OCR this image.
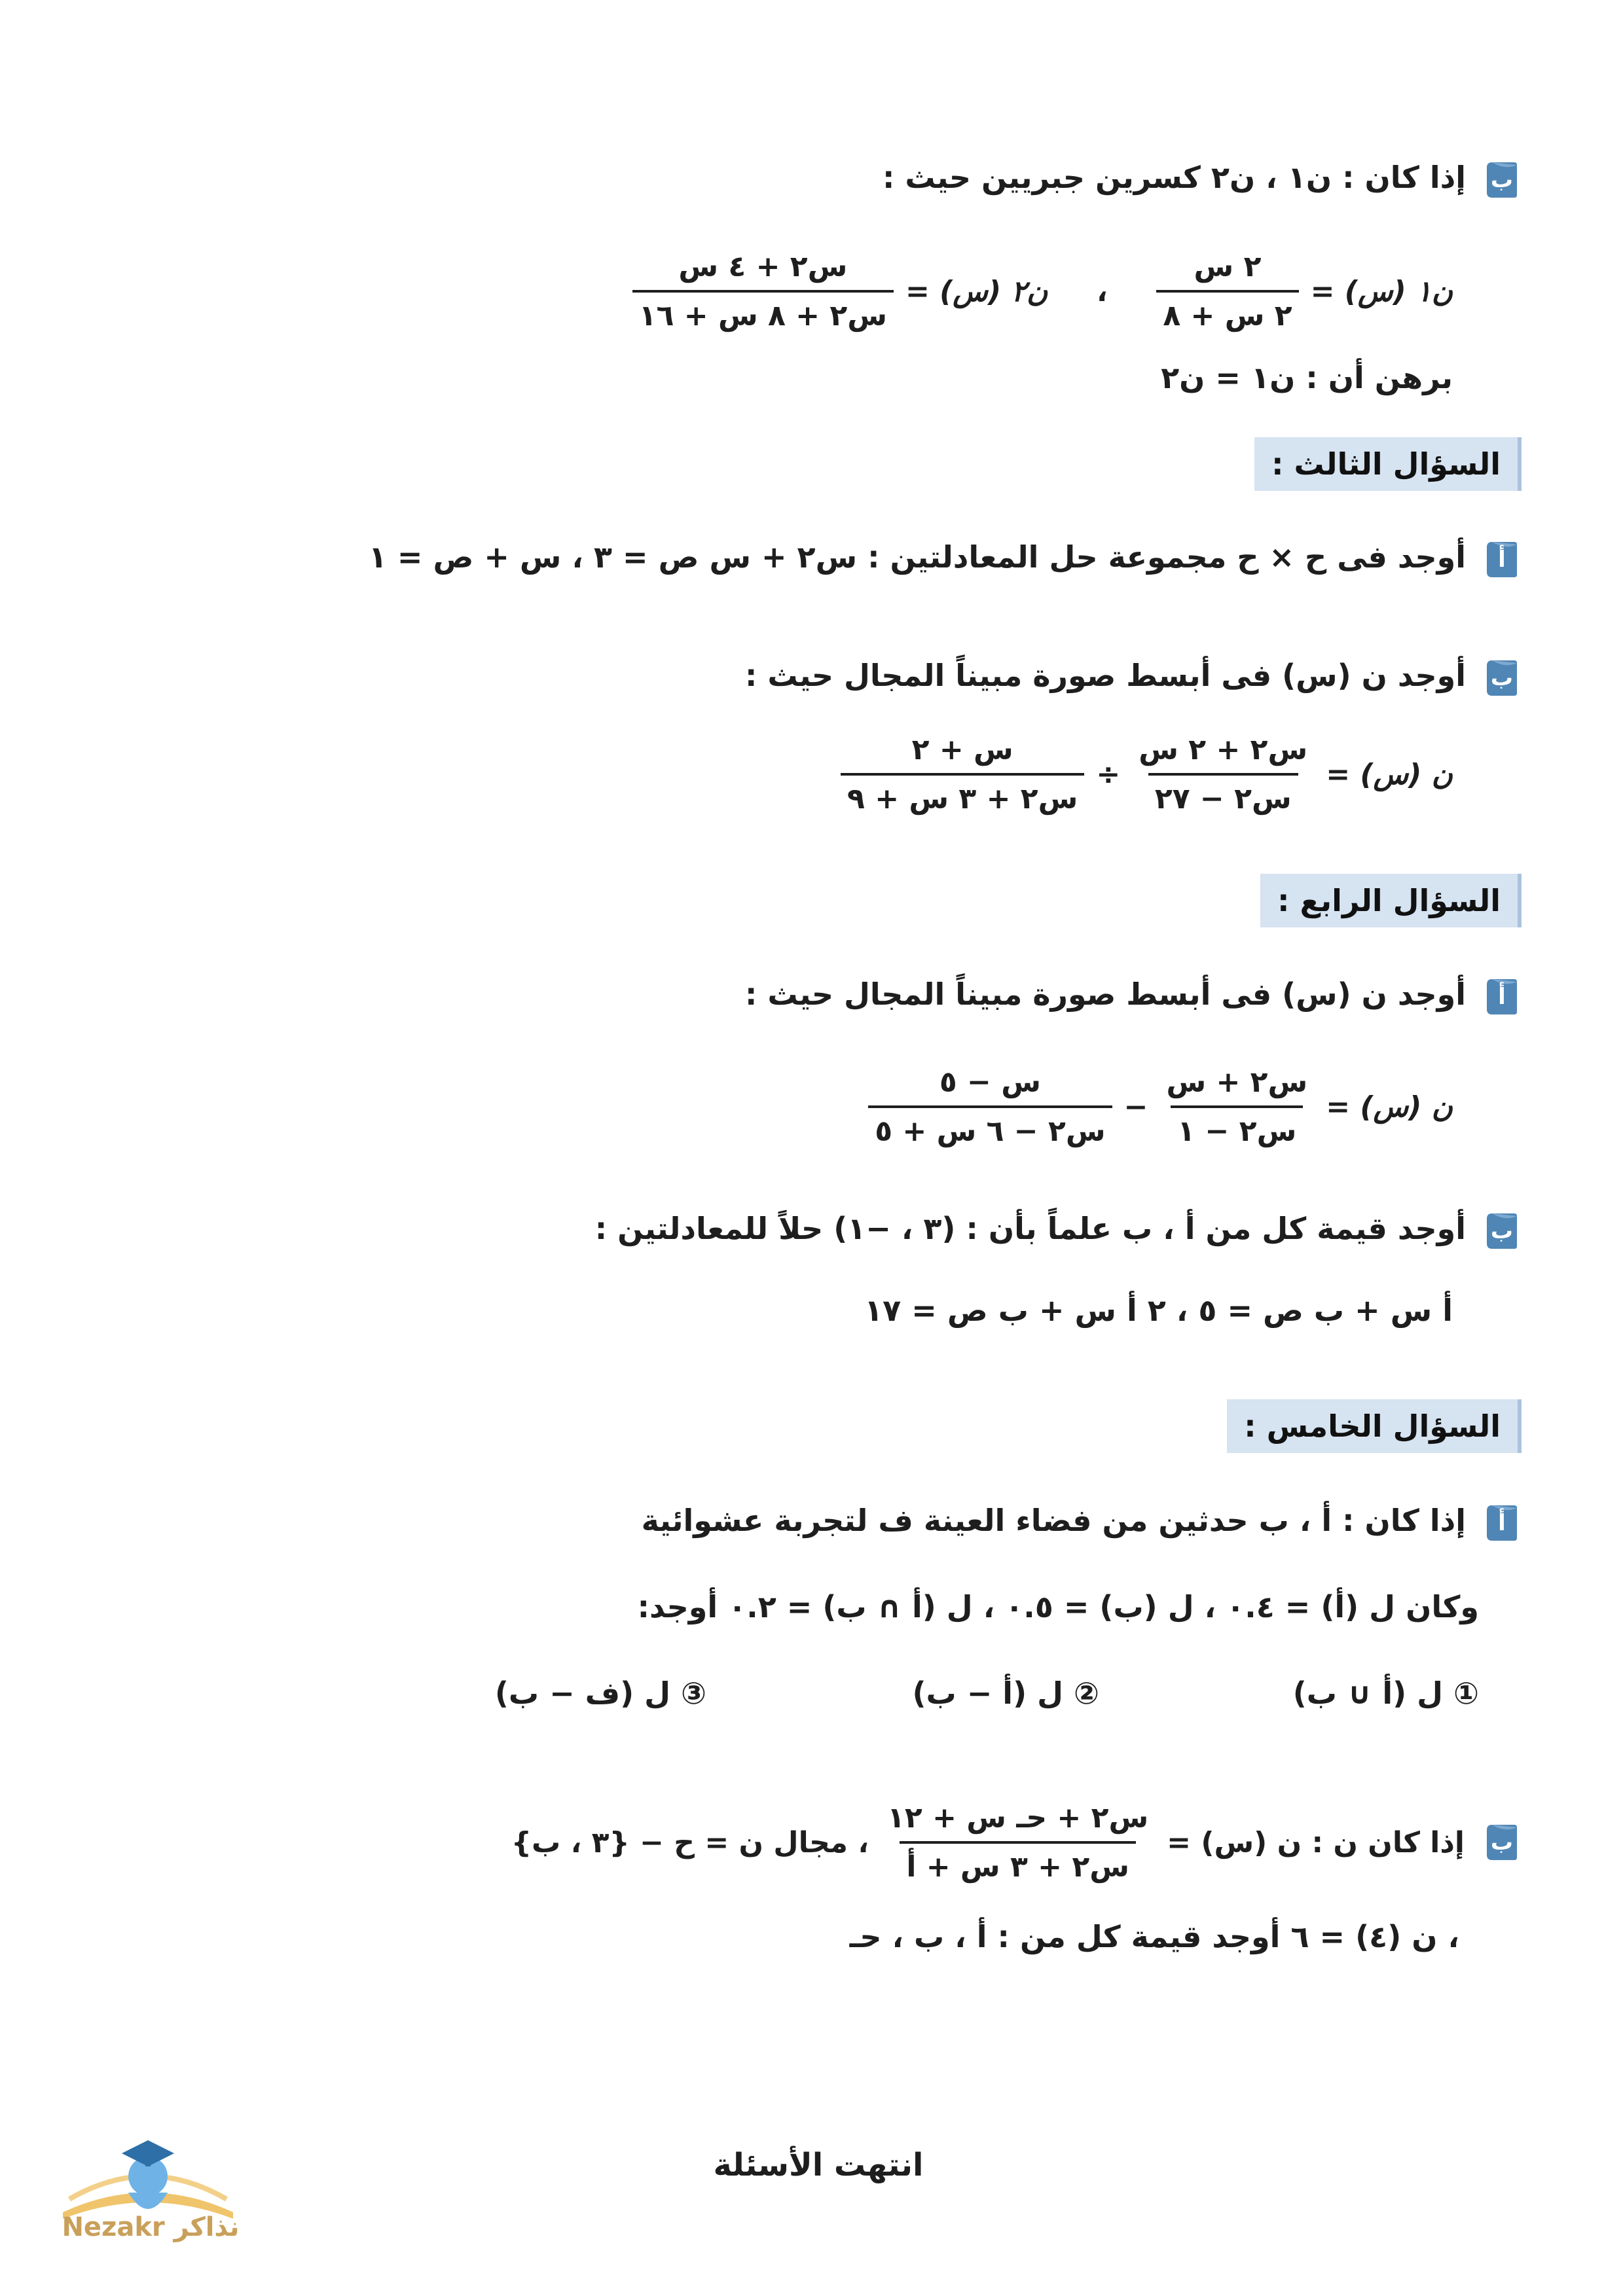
ب
إذا كان : ن١ ، ن٢ كسرين جبريين حيث :
ن١ (س) =
$\frac{\text{٢ س}}{\text{٢ س + ٨}}$
،
ن٢ (س) =
$\frac{\text{س٢ + ٤ س}}{\text{س٢ + ٨ س + ١٦}}$
برهن أن : ن١ = ن٢
السؤال الثالث :
أ
أوجد فى ح × ح مجموعة حل المعادلتين : س٢ + س ص = ٣ ، س + ص = ١
ب
أوجد ن (س) فى أبسط صورة مبيناً المجال حيث :
ن (س) =
$\frac{\text{س٢ + ٢ س}}{\text{س٢ − ٢٧}}$
÷
$\frac{\text{س + ٢}}{\text{س٢ + ٣ س + ٩}}$
السؤال الرابع :
أ
أوجد ن (س) فى أبسط صورة مبيناً المجال حيث :
ن (س) =
$\frac{\text{س٢ + س}}{\text{س٢ − ١}}$
−
$\frac{\text{س − ٥}}{\text{س٢ − ٦ س + ٥}}$
ب
أوجد قيمة كل من أ ، ب علماً بأن : (٣ ، −١) حلاً للمعادلتين :
أ س + ب ص = ٥ ، ٢ أ س + ب ص = ١٧
السؤال الخامس :
أ
إذا كان : أ ، ب حدثين من فضاء العينة ف لتجربة عشوائية
وكان ل (أ) = ٠.٤ ، ل (ب) = ٠.٥ ، ل (أ ∩ ب) = ٠.٢ أوجد:
① ل (أ ∪ ب)
② ل (أ − ب)
③ ل (ف − ب)
ب
إذا كان ن : ن (س) =
$\frac{\text{س٢ + حـ س + ١٢}}{\text{س٢ + ٣ س + أ}}$
، مجال ن = ح − {٣ ، ب}
، ن (٤) = ٦ أوجد قيمة كل من : أ ، ب ، حـ
انتهت الأسئلة
Nezakr نذاكر
